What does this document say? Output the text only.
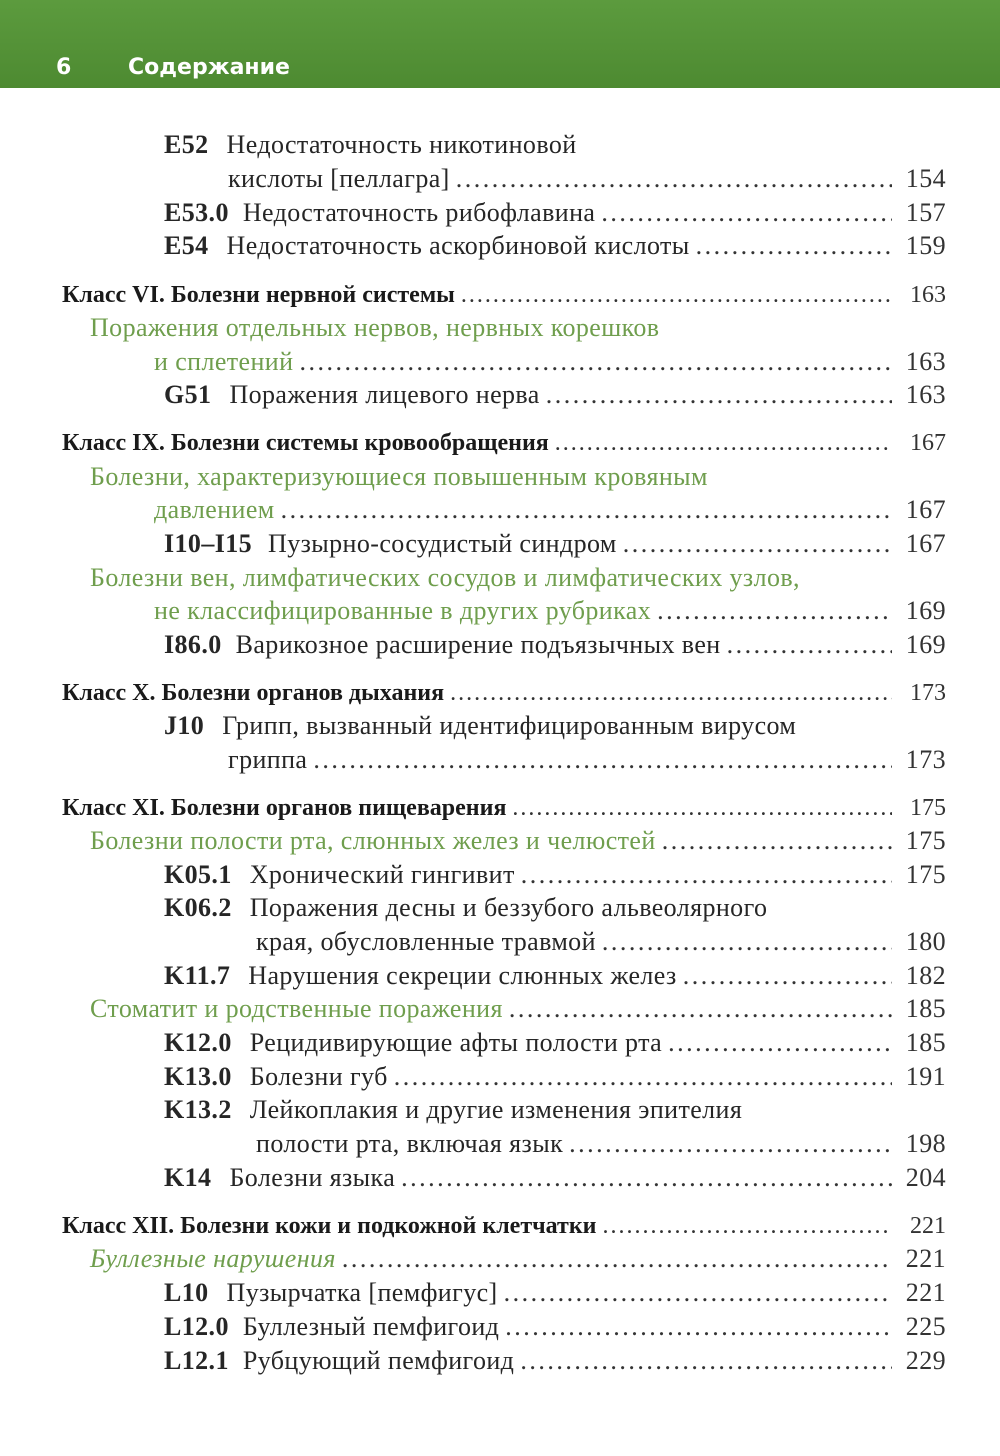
6	Содержание
E52 Недостаточность никотиновой
кислоты [пеллагра] . . .	154
E53.0 Недостаточность рибофлавина . . .	157
E54 Недостаточность аскорбиновой кислоты . . .	159
Класс VI. Болезни нервной системы . . .	163
Поражения отдельных нервов, нервных корешков
и сплетений . . .	163
G51 Поражения лицевого нерва . . .	163
Класс IX. Болезни системы кровообращения . . .	167
Болезни, характеризующиеся повышенным кровяным
давлением . . .	167
I10–I15 Пузырно-сосудистый синдром . . .	167
Болезни вен, лимфатических сосудов и лимфатических узлов,
не классифицированные в других рубриках . . .	169
I86.0 Варикозное расширение подъязычных вен . . .	169
Класс X. Болезни органов дыхания . . .	173
J10 Грипп, вызванный идентифицированным вирусом
гриппа . . .	173
Класс XI. Болезни органов пищеварения . . .	175
Болезни полости рта, слюнных желез и челюстей . . .	175
K05.1 Хронический гингивит . . .	175
K06.2 Поражения десны и беззубого альвеолярного
края, обусловленные травмой . . .	180
K11.7 Нарушения секреции слюнных желез . . .	182
Стоматит и родственные поражения . . .	185
K12.0 Рецидивирующие афты полости рта . . .	185
K13.0 Болезни губ . . .	191
K13.2 Лейкоплакия и другие изменения эпителия
полости рта, включая язык . . .	198
K14 Болезни языка . . .	204
Класс XII. Болезни кожи и подкожной клетчатки . . .	221
Буллезные нарушения . . .	221
L10 Пузырчатка [пемфигус] . . .	221
L12.0 Буллезный пемфигоид . . .	225
L12.1 Рубцующий пемфигоид . . .	229
